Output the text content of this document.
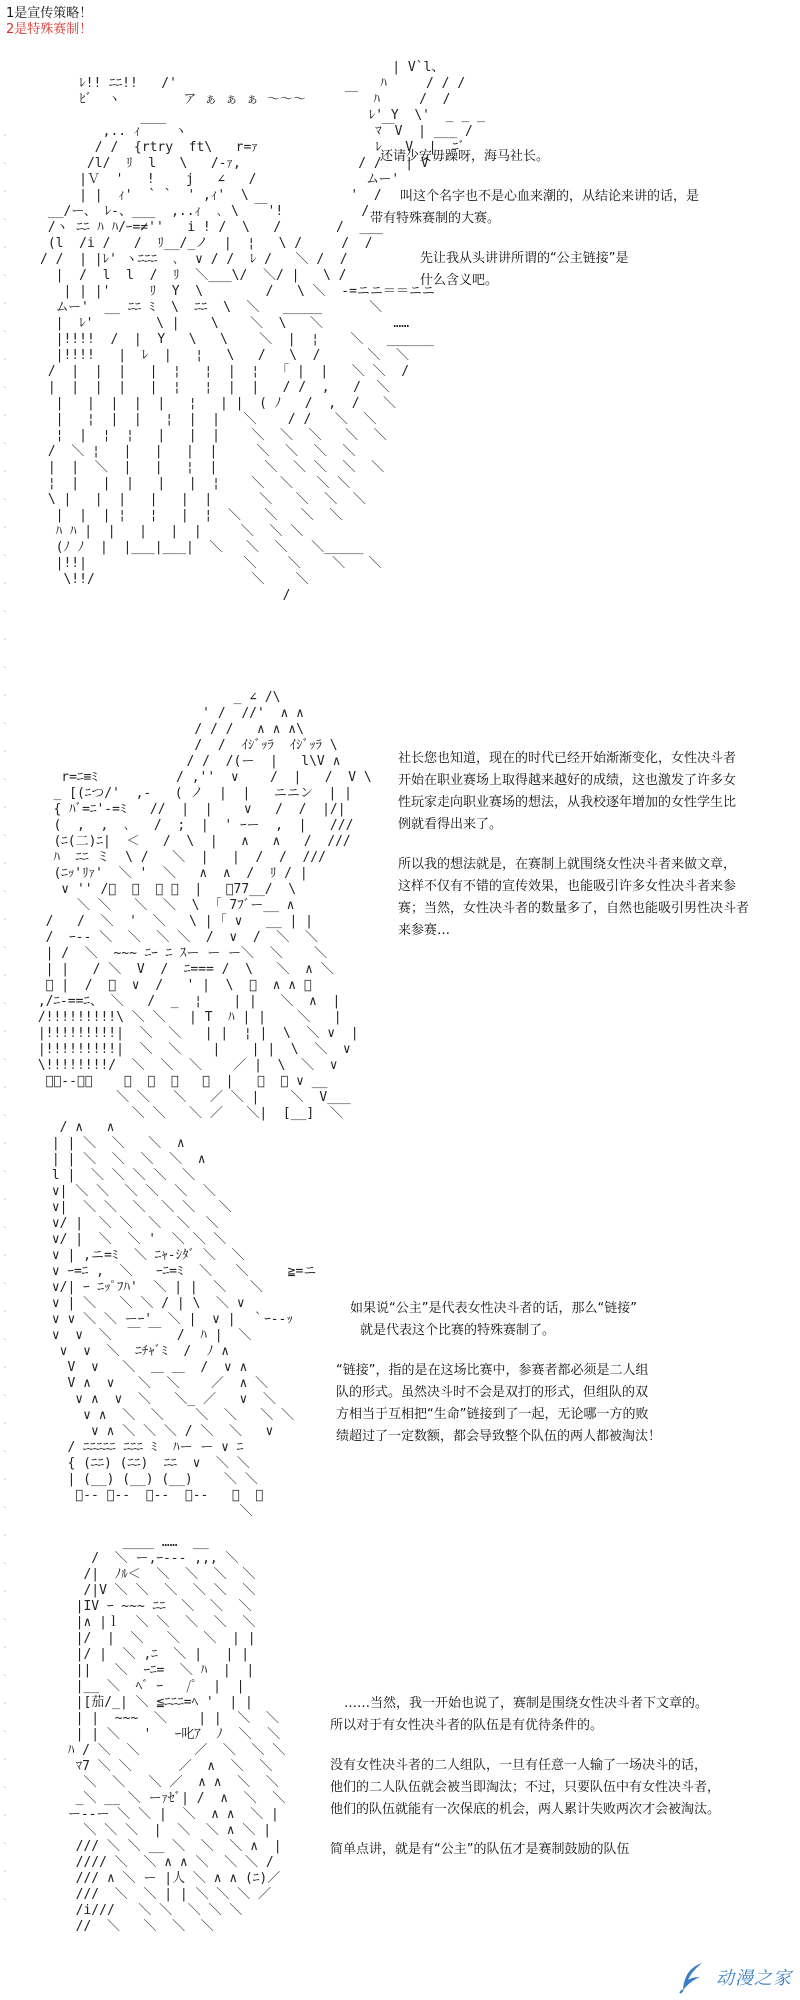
1是宣传策略！
2是特殊赛制！
| V`l、
ﾚ!! ﾆﾆ!!   /'                          ﾊ     / / /
ﾋﾞ  ヽ        ア ぁ ぁ ぁ ～～～     ￣  ﾊ     /  /
ﾚ' Y  \'  _ _ _
,.. ｨ￣￣ ヽ                        ﾏ￣V  | ___ /
/ /  {rtry  ft\   r=ｧ               ﾚ   V  |  ﾆﾞ
/l/  ﾘ  l   \   /-ｧ,               / /   | V
|Ｖ  '   !    j   ∠   /              ムー'
| |  ｨ'  ` `  ' ,ｨ'  \             '  /
__/ー、 ﾚ-、___  ,..ｨ  ､ \  ￣'!          /
/ヽ ﾆﾆ ﾊ ﾊ/ｰ=≠''   i ! /  \   /       /  ___
(l  /i /   /  ﾘ__/_ノ  |  ¦   \ /     /  /
/ /  | |ﾚ' ヽﾆﾆﾆ  ､  ∨ / /  ﾚ /   ＼ /  /
|  /  l  l  /  ﾘ  ＼___\/  ＼/ |   \ /
| | |'     ﾘ  Y  \        /   \ ＼  -=ニニ＝＝ニニ
ムー'  __ ﾆﾆ ﾐ  \  ﾆﾆ  \  ＼   _____      ＼
|  ﾚ'        \ |    \    ＼  \   ＼         ……
|!!!!  /  |  Y   \   \    ＼  |  ¦    ＼   ______
|!!!!   |  ﾚ  |   ¦   \   /   \  /      ＼  ＼
/  |  |  |   |  ¦   ¦  |  ¦   ｢ |  |   ＼ ＼  /
|  |  |  |   |  ¦   ¦  |  |   / /  ,   /  ＼
|   |  |  |  |   ¦   | |  ( ﾉ   /  ,  /   ＼
|   ¦  |  |   ¦  |  |   ＼    / /   ＼  ＼
¦  |  ¦  ¦   |   |  |    ＼  ＼  ＼   ＼  ＼
/  ＼ ¦   |   |   |  |     ＼  ＼  ＼  ＼
|  |  ＼  |   |   ¦  |      ＼  ＼ ＼  ＼  ＼
¦  |   |  |   |   |  ¦    ＼  ＼   ＼ ＼
\ |   |  |   |   |  |      ＼   ＼  ＼  ＼
|  |  | ¦   ¦   |  ¦  ＼   ＼   ＼  ＼
ﾊ ﾊ |  |   |   |  |     ＼  ＼ ＼
(ﾉ ﾉ  |  |___|___|  ＼   ＼  ＼   ＼_____
|!!|                    ＼    ＼    ＼   ＼
\!!/                    ＼    ＼
/

还请少安毋躁呀，海马社长。

叫这个名字也不是心血来潮的，从结论来讲的话，是

带有特殊赛制的大赛。

先让我从头讲讲所谓的“公主链接”是

什么含义吧。

_ ∠ /\
' /  //'  ∧ ∧
/ / /   ∧ ∧ ∧\
/  /  ｲｼﾞｯﾗ  ｲｼﾞｯﾗ \
/ /  /(ー  |   l\V ∧
r=ﾆ≡ﾐ          / ,''  ∨    /  |   /  V \
_ [(ﾆつ/'  ,-   ( ノ  |  |   ニニン  | |
{ ﾊﾞ=ﾆ'-=ﾐ   //  |  |    ∨   /  /  |/|
(  ,  ,  ､   /  ;  |  ' ｰー  ,  |   ///
(ﾆ(二)ﾆ|  ＜   /  \  |   ∧   ∧   /  ///
ﾊ  ﾆﾆ ミ  \ /   ＼  |   |  /  /  ///
(ﾆｯ'ﾘｧ'  ＼ '  ＼   ∧  ∧  /  ﾘ / |
∨ '' /ﾞ  ＼  ＼ ＼  |   ｢77__/  \
＼ ＼   ＼  ＼  \  ｢ 7ﾌﾞー__ ∧
/   /  ＼  '  ＼   \ | ｢ ∨   __ | |
/  ｰ-- ＼  ＼  ＼ ＼  /  ∨  /  ＼  ＼
| /  ＼  ~~~ ﾆｰ ﾆ ｽー ー ー＼  ＼    ＼
| |   / ＼  V  /  ﾆ=== /  \   ＼  ∧ ＼
ﾞ |  /  ＼  ∨  /   ' |  \  ＼  ∧ ∧ ＼
,/ﾆ-==ﾆ、 ＼   /  _  ¦    | |   ＼  ∧  |
/!!!!!!!!!\ ＼ ＼   | T  ﾊ | |    ＼   |
|!!!!!!!!!|  ＼  ＼   | |  ¦ |  \  ＼ ∨  |
|!!!!!!!!!|  ＼  ＼    |    | |  \  ＼  ∨
\!!!!!!!!/  ＼  ＼  ＼    ／ |  \  ＼  ∨
ﾞｰ--ｰﾞ    ＼  ＼  ＼   ／  |   ＼  ＼ ∨ __
＼ ＼   ＼   ／ ＼ |    ＼  V___
＼ ＼   ＼ ／   ＼|  [__]  ＼

社长您也知道，现在的时代已经开始渐渐变化，女性决斗者

开始在职业赛场上取得越来越好的成绩，这也激发了许多女

性玩家走向职业赛场的想法，从我校逐年增加的女性学生比

例就看得出来了。

所以我的想法就是，在赛制上就围绕女性决斗者来做文章，

这样不仅有不错的宣传效果，也能吸引许多女性决斗者来参

赛；当然，女性决斗者的数量多了，自然也能吸引男性决斗者

来参赛…

/ ∧   ∧
| | ＼  ＼   ＼  ∧
| | ＼  ＼  ＼  ＼  ∧
l |  ＼ ＼ ＼ ＼  ＼
∨| ＼ ＼  ＼ ＼  ＼  ＼
∨|  ＼ ＼  ＼  ＼ ＼   ＼
∨/ |  ＼ ＼  ＼  ＼  ＼
∨/ |  ＼  ＼ '  ＼ ＼ ＼
∨ | ,ニ=ﾐ  ＼ ﾆｬ-ｼﾀﾞ ＼  ＼
∨ ｰ=ﾆ ,  ＼   ｰﾆ=ﾐ  ＼   ＼     ≧=ニ
∨/| ｰ ﾆｯﾟﾌﾊ'  ＼ | |  ＼   ＼
∨ | ＼   ＼ ＼ / | \  ＼ ∨
∨ ∨ ＼ ＼ ーｰ'  ＼ |  ∨ |  ｀ｰ--ｯ
∨  ∨  ＼  ￣ ￣  /  ﾊ |  ＼
∨  ∨  ＼  ﾆﾁｬﾞﾐ  /  ﾉ ∧
V  ∨   ＼  ＿ ＿  /  ∨ ∧
V ∧  ∨   ＼  ＼    ／  ∧ ＼
∨ ∧  ∨  ＼   ＼_ ／   ∨  ＼
∨ ∧  ＼  ＼    ＼  ＼   ＼ ＼
∨ ∧ ＼ ＼ ＼ / ＼  ＼   ∨
/ ﾆﾆﾆﾆﾆ ﾆﾆﾆ ﾐ  ﾊー ー ∨ ﾆ
{ (ﾆﾆ) (ﾆﾆ)  ﾆﾆ  ∨  ＼ ＼
| (__) (__) (__)    ＼ ＼
ﾞ-- ﾞ--  ﾞ--  ﾞ--   ＼  ＼
＼

如果说“公主”是代表女性决斗者的话，那么“链接”

就是代表这个比赛的特殊赛制了。

“链接”，指的是在这场比赛中，参赛者都必须是二人组

队的形式。虽然决斗时不会是双打的形式，但组队的双

方相当于互相把“生命”链接到了一起，无论哪一方的败

绩超过了一定数额，都会导致整个队伍的两人都被淘汰！

____ ……  __
/  ＼ ー,ｰ--- ,,, ＼
/|  ﾉﾙ＜  ＼  ＼  ＼  ＼
/|V ＼ ＼  ＼  ＼ ＼  ＼
|IV ｰ ~~~ ﾆﾆ  ＼  ＼  ＼
|∧ |ｌ  ＼ ＼  ＼  ＼  ＼
|/  |  ＼   ＼   ＼  | |
|/ |  ＼ ,ﾆ  ＼ |   | |
||   ＼  ｰﾆ=  ＼ ﾊ  |  |
|__ ＼  ﾍﾞ ｰ   /ﾟ  |  |
|[茄/_| ＼ ≦ﾆﾆﾆ=ﾍ '  | |
| |  ~~~  ＼    | |  ＼  ＼
| | ＼   '   ｰ叱ｱ  ﾉ  ＼  ＼
ﾊ / ＼  ＼       ／  ＼  ＼ ＼
ﾏ7 ＼ ＼      ／  ∧  ＼  ＼
＼  ＼   ＼ ／  ∧ ∧  ＼  ＼
_＼ __ ＼ ーｧｾﾞ| /  ∧  ＼  ＼
ー--ー ＼ ＼ |  ＼  ∧ ∧  ＼ |
＼ ＼ ＼  |  ＼  ＼ ∧ ＼ |
/// ＼ ＼ __ ＼  ＼  ＼ ∧  |
//// ＼  ＼ ∧ ∧ ＼  ＼ ＼ /
/// ∧ ＼ ー |人 ＼ ∧ ∧ (ﾆ)／
///  ＼  ＼ | | ＼ ＼ ＼ ／
/i///   ＼ ＼  ＼ ＼ ＼
//  ＼   ＼  ＼  ＼

……当然，我一开始也说了，赛制是围绕女性决斗者下文章的。

所以对于有女性决斗者的队伍是有优待条件的。

没有女性决斗者的二人组队，一旦有任意一人输了一场决斗的话，

他们的二人队伍就会被当即淘汰；不过，只要队伍中有女性决斗者，

他们的队伍就能有一次保底的机会，两人累计失败两次才会被淘汰。

简单点讲，就是有“公主”的队伍才是赛制鼓励的队伍

.
.
.
.
.
.
.
.
.
.
.
.
.
.
.
.
.
.
.
.
.
.
.
.
.
.
.
.
.
.
.
.
.
.
.
.
.
.
.
.
.
.
.
.
.
.
.
.
.
.
.
.
.
.
.
.
.
.
.
.
.
.
.
.
动漫之家
